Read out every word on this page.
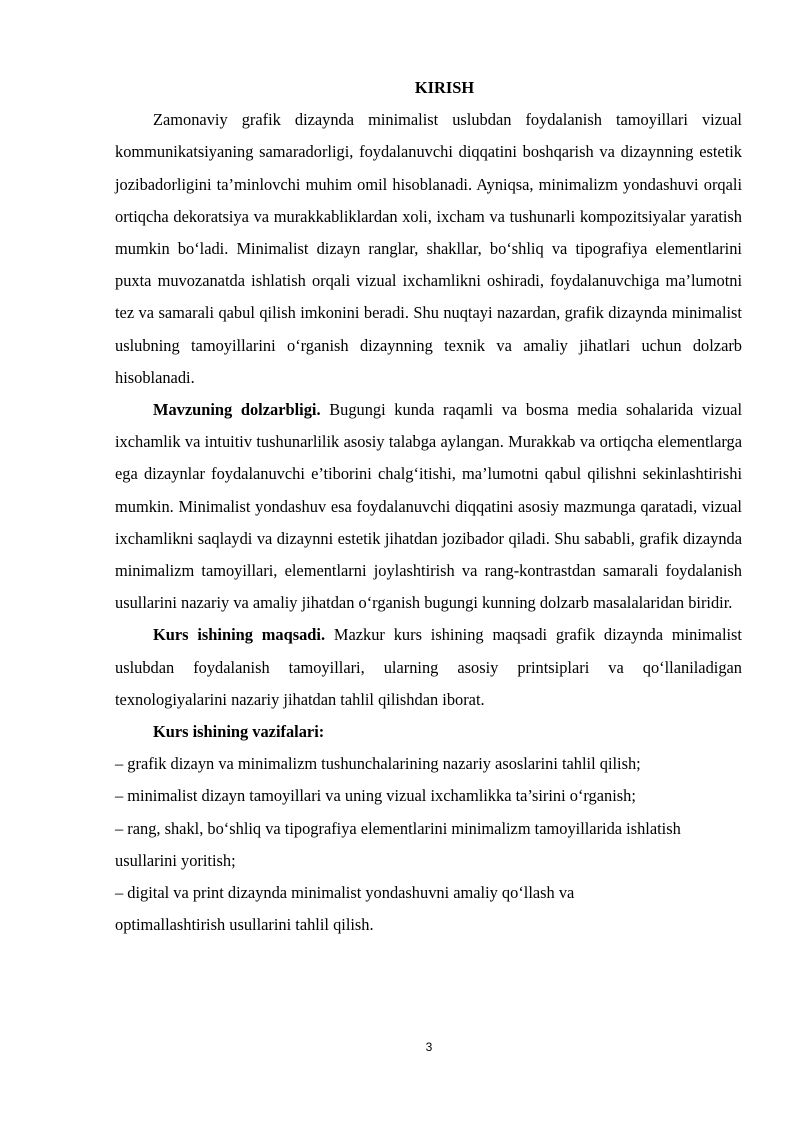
KIRISH

Zamonaviy grafik dizaynda minimalist uslubdan foydalanish tamoyillari vizual kommunikatsiyaning samaradorligi, foydalanuvchi diqqatini boshqarish va dizaynning estetik jozibadorligini ta’minlovchi muhim omil hisoblanadi. Ayniqsa, minimalizm yondashuvi orqali ortiqcha dekoratsiya va murakkabliklardan xoli, ixcham va tushunarli kompozitsiyalar yaratish mumkin bo‘ladi. Minimalist dizayn ranglar, shakllar, bo‘shliq va tipografiya elementlarini puxta muvozanatda ishlatish orqali vizual ixchamlikni oshiradi, foydalanuvchiga ma’lumotni tez va samarali qabul qilish imkonini beradi. Shu nuqtayi nazardan, grafik dizaynda minimalist uslubning tamoyillarini o‘rganish dizaynning texnik va amaliy jihatlari uchun dolzarb hisoblanadi.

Mavzuning dolzarbligi. Bugungi kunda raqamli va bosma media sohalarida vizual ixchamlik va intuitiv tushunarlilik asosiy talabga aylangan. Murakkab va ortiqcha elementlarga ega dizaynlar foydalanuvchi e’tiborini chalg‘itishi, ma’lumotni qabul qilishni sekinlashtirishi mumkin. Minimalist yondashuv esa foydalanuvchi diqqatini asosiy mazmunga qaratadi, vizual ixchamlikni saqlaydi va dizaynni estetik jihatdan jozibador qiladi. Shu sababli, grafik dizaynda minimalizm tamoyillari, elementlarni joylashtirish va rang-kontrastdan samarali foydalanish usullarini nazariy va amaliy jihatdan o‘rganish bugungi kunning dolzarb masalalaridan biridir.

Kurs ishining maqsadi. Mazkur kurs ishining maqsadi grafik dizaynda minimalist uslubdan foydalanish tamoyillari, ularning asosiy printsiplari va qo‘llaniladigan texnologiyalarini nazariy jihatdan tahlil qilishdan iborat.

Kurs ishining vazifalari:

– grafik dizayn va minimalizm tushunchalarining nazariy asoslarini tahlil qilish;

– minimalist dizayn tamoyillari va uning vizual ixchamlikka ta’sirini o‘rganish;

– rang, shakl, bo‘shliq va tipografiya elementlarini minimalizm tamoyillarida ishlatish usullarini yoritish;

– digital va print dizaynda minimalist yondashuvni amaliy qo‘llash va optimallashtirish usullarini tahlil qilish.

3
